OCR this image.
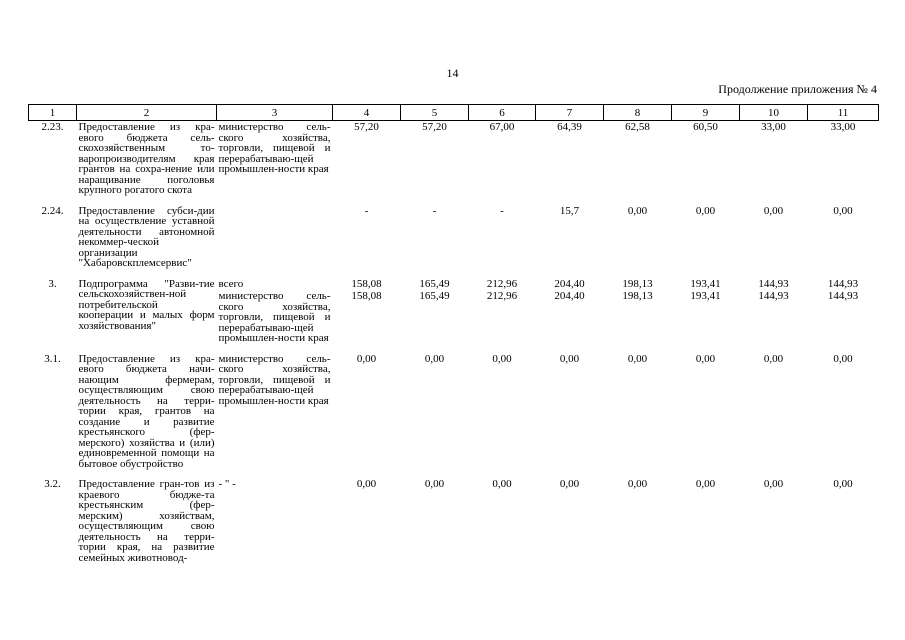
14
Продолжение приложения № 4
1	2	3	4	5	6	7	8	9	10	11
2.23.	Предоставление из кра-евого бюджета сель-скохозяйственным то-варопроизводителям края грантов на сохра-нение или наращивание поголовья крупного рогатого скота	министерство сель-ского хозяйства, торговли, пищевой и перерабатываю-щей промышлен-ности края	57,20	57,20	67,00	64,39	62,58	60,50	33,00	33,00

2.24.	Предоставление субси-дии на осуществление уставной деятельности автономной некоммер-ческой организации "Хабаровскплемсервис"		-	-	-	15,7	0,00	0,00	0,00	0,00

3.	Подпрограмма "Разви-тие сельскохозяйствен-ной потребительской кооперации и малых форм хозяйствования"	всего	158,08	165,49	212,96	204,40	198,13	193,41	144,93	144,93
		министерство сель-ского хозяйства, торговли, пищевой и перерабатываю-щей промышлен-ности края	158,08	165,49	212,96	204,40	198,13	193,41	144,93	144,93

3.1.	Предоставление из кра-евого бюджета начи-нающим фермерам, осуществляющим свою деятельность на терри-тории края, грантов на создание и развитие крестьянского (фер-мерского) хозяйства и (или) единовременной помощи на бытовое обустройство	министерство сель-ского хозяйства, торговли, пищевой и перерабатываю-щей промышлен-ности края	0,00	0,00	0,00	0,00	0,00	0,00	0,00	0,00

3.2.	Предоставление гран-тов из краевого бюдже-та крестьянским (фер-мерским) хозяйствам, осуществляющим свою деятельность на терри-тории края, на развитие семейных животновод-	- " -	0,00	0,00	0,00	0,00	0,00	0,00	0,00	0,00
